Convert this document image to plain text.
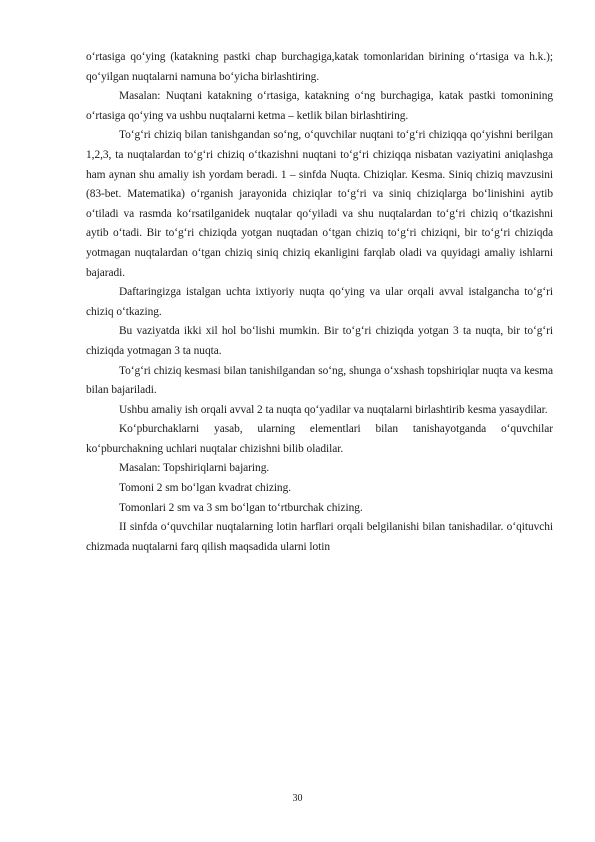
o‘rtasiga qo‘ying (katakning pastki chap burchagiga,katak tomonlaridan birining o‘rtasiga va h.k.); qo‘yilgan nuqtalarni namuna bo‘yicha birlashtiring.

Masalan: Nuqtani katakning o‘rtasiga, katakning o‘ng burchagiga, katak pastki tomonining o‘rtasiga qo‘ying va ushbu nuqtalarni ketma – ketlik bilan birlashtiring.

To‘g‘ri chiziq bilan tanishgandan so‘ng, o‘quvchilar nuqtani to‘g‘ri chiziqqa qo‘yishni berilgan 1,2,3, ta nuqtalardan to‘g‘ri chiziq o‘tkazishni nuqtani to‘g‘ri chiziqqa nisbatan vaziyatini aniqlashga ham aynan shu amaliy ish yordam beradi. 1 – sinfda Nuqta. Chiziqlar. Kesma. Siniq chiziq mavzusini (83-bet. Matematika) o‘rganish jarayonida chiziqlar to‘g‘ri va siniq chiziqlarga bo‘linishini aytib o‘tiladi va rasmda ko‘rsatilganidek nuqtalar qo‘yiladi va shu nuqtalardan to‘g‘ri chiziq o‘tkazishni aytib o‘tadi. Bir to‘g‘ri chiziqda yotgan nuqtadan o‘tgan chiziq to‘g‘ri chiziqni, bir to‘g‘ri chiziqda yotmagan nuqtalardan o‘tgan chiziq siniq chiziq ekanligini farqlab oladi va quyidagi amaliy ishlarni bajaradi.

Daftaringizga istalgan uchta ixtiyoriy nuqta qo‘ying va ular orqali avval istalgancha to‘g‘ri chiziq o‘tkazing.

Bu vaziyatda ikki xil hol bo‘lishi mumkin. Bir to‘g‘ri chiziqda yotgan 3 ta nuqta, bir to‘g‘ri chiziqda yotmagan 3 ta nuqta.

To‘g‘ri chiziq kesmasi bilan tanishilgandan so‘ng, shunga o‘xshash topshiriqlar nuqta va kesma bilan bajariladi.

Ushbu amaliy ish orqali avval 2 ta nuqta qo‘yadilar va nuqtalarni birlashtirib kesma yasaydilar.

Ko‘pburchaklarni yasab, ularning elementlari bilan tanishayotganda o‘quvchilar ko‘pburchakning uchlari nuqtalar chizishni bilib oladilar.

Masalan: Topshiriqlarni bajaring.

Tomoni 2 sm bo‘lgan kvadrat chizing.

Tomonlari 2 sm va 3 sm bo‘lgan to‘rtburchak chizing.

II sinfda o‘quvchilar nuqtalarning lotin harflari orqali belgilanishi bilan tanishadilar. o‘qituvchi chizmada nuqtalarni farq qilish maqsadida ularni lotin

30
